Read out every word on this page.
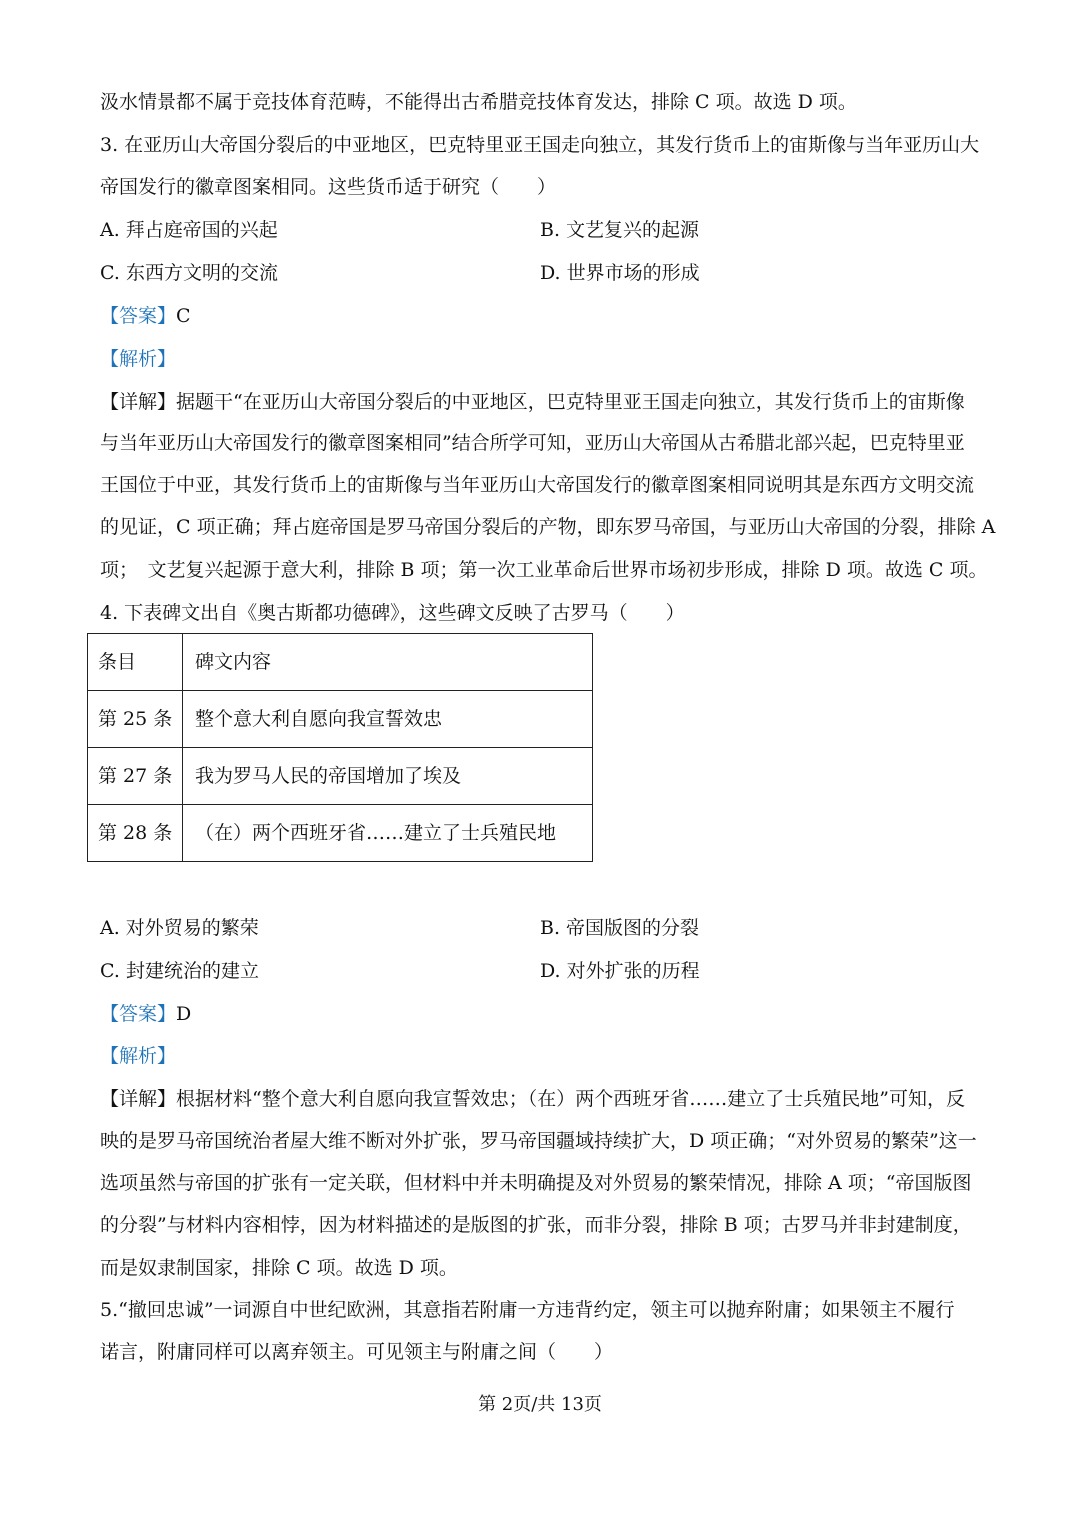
汲水情景都不属于竞技体育范畴，不能得出古希腊竞技体育发达，排除 C 项。故选 D 项。
3. 在亚历山大帝国分裂后的中亚地区，巴克特里亚王国走向独立，其发行货币上的宙斯像与当年亚历山大
帝国发行的徽章图案相同。这些货币适于研究（　　）
A. 拜占庭帝国的兴起	B. 文艺复兴的起源
C. 东西方文明的交流	D. 世界市场的形成
【答案】C
【解析】
【详解】据题干“在亚历山大帝国分裂后的中亚地区，巴克特里亚王国走向独立，其发行货币上的宙斯像
与当年亚历山大帝国发行的徽章图案相同”结合所学可知，亚历山大帝国从古希腊北部兴起，巴克特里亚
王国位于中亚，其发行货币上的宙斯像与当年亚历山大帝国发行的徽章图案相同说明其是东西方文明交流
的见证，C 项正确；拜占庭帝国是罗马帝国分裂后的产物，即东罗马帝国，与亚历山大帝国的分裂，排除 A
项；　文艺复兴起源于意大利，排除 B 项；第一次工业革命后世界市场初步形成，排除 D 项。故选 C 项。
4. 下表碑文出自《奥古斯都功德碑》，这些碑文反映了古罗马（　　）
条目	碑文内容
第 25 条	整个意大利自愿向我宣誓效忠
第 27 条	我为罗马人民的帝国增加了埃及
第 28 条	（在）两个西班牙省……建立了士兵殖民地
A. 对外贸易的繁荣	B. 帝国版图的分裂
C. 封建统治的建立	D. 对外扩张的历程
【答案】D
【解析】
【详解】根据材料“整个意大利自愿向我宣誓效忠；（在）两个西班牙省……建立了士兵殖民地”可知，反
映的是罗马帝国统治者屋大维不断对外扩张，罗马帝国疆域持续扩大，D 项正确；“对外贸易的繁荣”这一
选项虽然与帝国的扩张有一定关联，但材料中并未明确提及对外贸易的繁荣情况，排除 A 项；“帝国版图
的分裂”与材料内容相悖，因为材料描述的是版图的扩张，而非分裂，排除 B 项；古罗马并非封建制度，
而是奴隶制国家，排除 C 项。故选 D 项。
5.“撤回忠诚”一词源自中世纪欧洲，其意指若附庸一方违背约定，领主可以抛弃附庸；如果领主不履行
诺言，附庸同样可以离弃领主。可见领主与附庸之间（　　）
第 2页/共 13页
